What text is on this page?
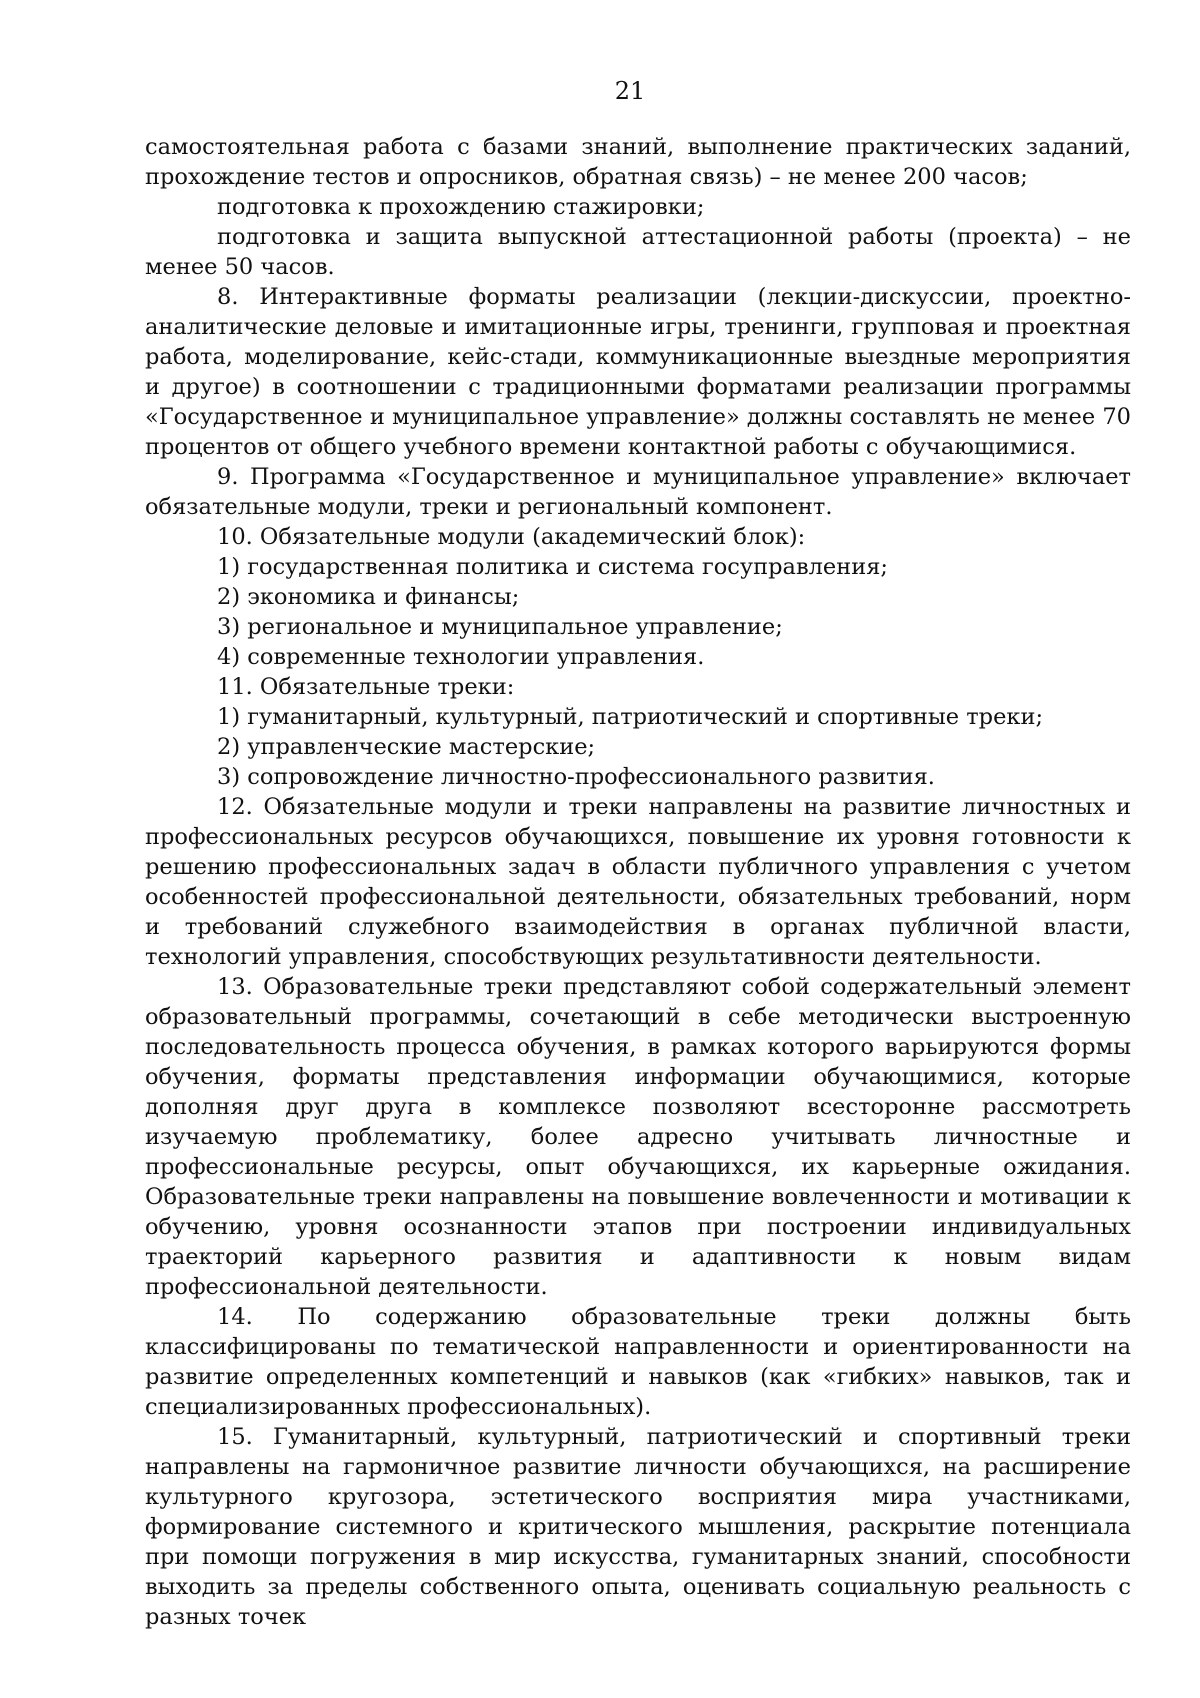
21

самостоятельная работа с базами знаний, выполнение практических заданий, прохождение тестов и опросников, обратная связь) – не менее 200 часов;

подготовка к прохождению стажировки;

подготовка и защита выпускной аттестационной работы (проекта) – не менее 50 часов.

8. Интерактивные форматы реализации (лекции-дискуссии, проектно-аналитические деловые и имитационные игры, тренинги, групповая и проектная работа, моделирование, кейс-стади, коммуникационные выездные мероприятия и другое) в соотношении с традиционными форматами реализации программы «Государственное и муниципальное управление» должны составлять не менее 70 процентов от общего учебного времени контактной работы с обучающимися.

9. Программа «Государственное и муниципальное управление» включает обязательные модули, треки и региональный компонент.

10. Обязательные модули (академический блок):

1) государственная политика и система госуправления;

2) экономика и финансы;

3) региональное и муниципальное управление;

4) современные технологии управления.

11. Обязательные треки:

1) гуманитарный, культурный, патриотический и спортивные треки;

2) управленческие мастерские;

3) сопровождение личностно-профессионального развития.

12. Обязательные модули и треки направлены на развитие личностных и профессиональных ресурсов обучающихся, повышение их уровня готовности к решению профессиональных задач в области публичного управления с учетом особенностей профессиональной деятельности, обязательных требований, норм и требований служебного взаимодействия в органах публичной власти, технологий управления, способствующих результативности деятельности.

13. Образовательные треки представляют собой содержательный элемент образовательный программы, сочетающий в себе методически выстроенную последовательность процесса обучения, в рамках которого варьируются формы обучения, форматы представления информации обучающимися, которые дополняя друг друга в комплексе позволяют всесторонне рассмотреть изучаемую проблематику, более адресно учитывать личностные и профессиональные ресурсы, опыт обучающихся, их карьерные ожидания. Образовательные треки направлены на повышение вовлеченности и мотивации к обучению, уровня осознанности этапов при построении индивидуальных траекторий карьерного развития и адаптивности к новым видам профессиональной деятельности.

14. По содержанию образовательные треки должны быть классифицированы по тематической направленности и ориентированности на развитие определенных компетенций и навыков (как «гибких» навыков, так и специализированных профессиональных).

15. Гуманитарный, культурный, патриотический и спортивный треки направлены на гармоничное развитие личности обучающихся, на расширение культурного кругозора, эстетического восприятия мира участниками, формирование системного и критического мышления, раскрытие потенциала при помощи погружения в мир искусства, гуманитарных знаний, способности выходить за пределы собственного опыта, оценивать социальную реальность с разных точек
